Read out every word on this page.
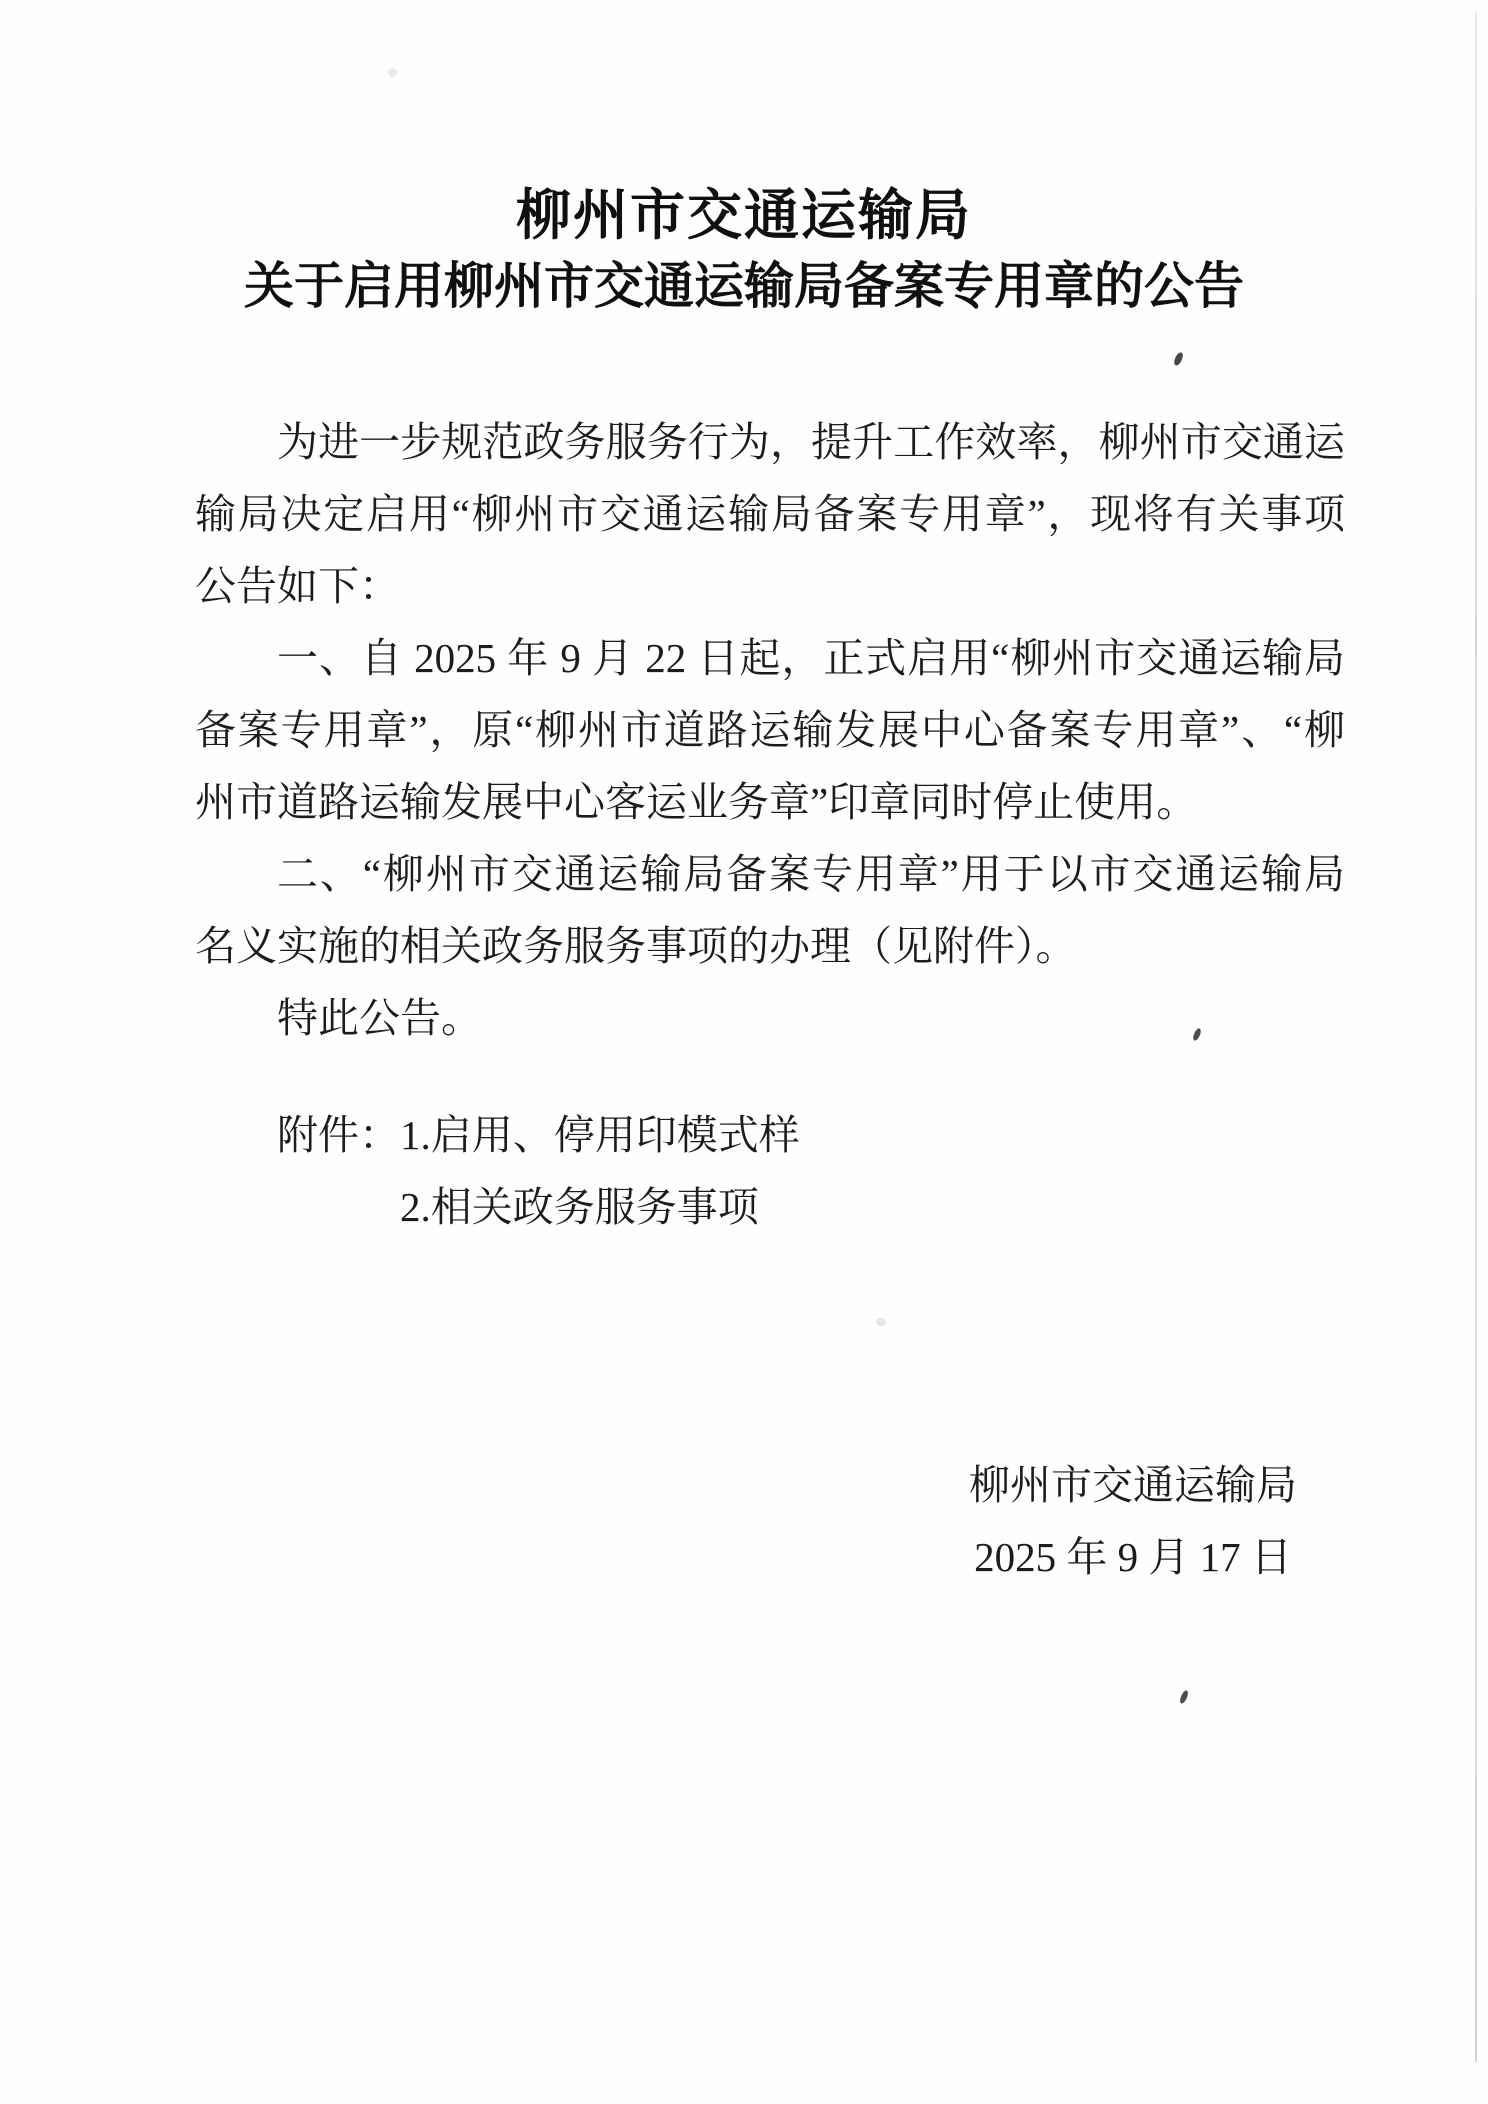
柳州市交通运输局
关于启用柳州市交通运输局备案专用章的公告
为进一步规范政务服务行为，提升工作效率，柳州市交通运
输局决定启用“柳州市交通运输局备案专用章”，现将有关事项
公告如下：
一、自 2025 年 9 月 22 日起，正式启用“柳州市交通运输局
备案专用章”，原“柳州市道路运输发展中心备案专用章”、“柳
州市道路运输发展中心客运业务章”印章同时停止使用。
二、“柳州市交通运输局备案专用章”用于以市交通运输局
名义实施的相关政务服务事项的办理（见附件）。
特此公告。
附件：1.启用、停用印模式样
2.相关政务服务事项
柳州市交通运输局
2025 年 9 月 17 日
